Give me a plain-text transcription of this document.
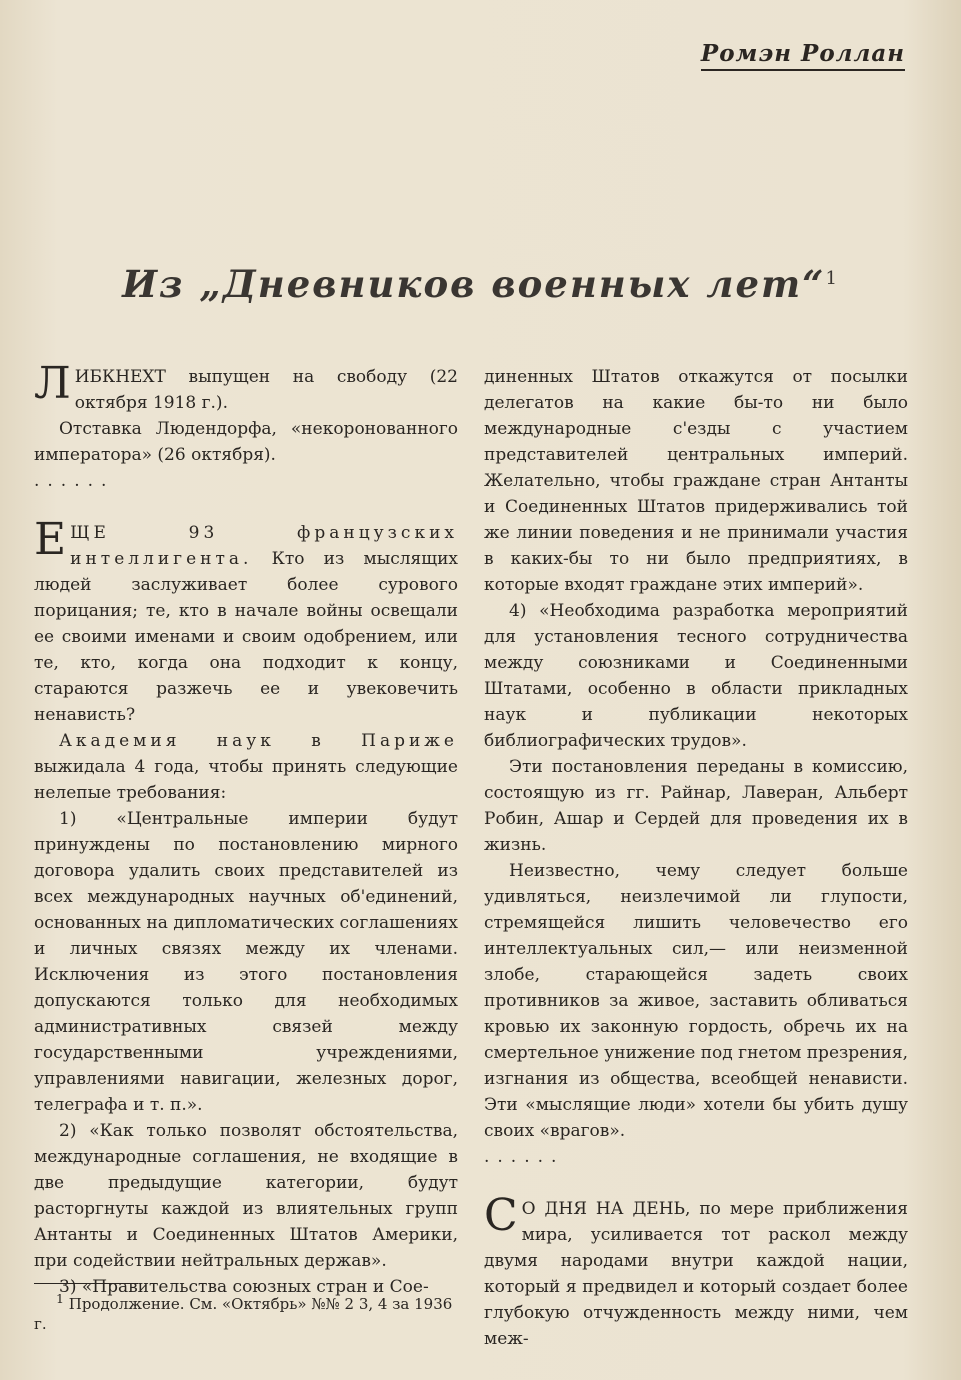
Ромэн Роллан
Из „Дневников военных лет“$^1$

ЛИБКНЕХТ выпущен на свободу (22 октября 1918 г.).

Отставка Людендорфа, «некоронованного императора» (26 октября).

......

ЕЩЕ 93 французских интеллигента. Кто из мыслящих людей заслуживает более сурового порицания; те, кто в начале войны освещали ее своими именами и своим одобрением, или те, кто, когда она подходит к концу, стараются разжечь ее и увековечить ненависть?

Академия наук в Париже выжидала 4 года, чтобы принять следующие нелепые требования:

1) «Центральные империи будут принуждены по постановлению мирного договора удалить своих представителей из всех международных научных об'единений, основанных на дипломатических соглашениях и личных связях между их членами. Исключения из этого постановления допускаются только для необходимых административных связей между государственными учреждениями, управлениями навигации, железных дорог, телеграфа и т. п.».

2) «Как только позволят обстоятельства, международные соглашения, не входящие в две предыдущие категории, будут расторгнуты каждой из влиятельных групп Антанты и Соединенных Штатов Америки, при содействии нейтральных держав».

3) «Правительства союзных стран и Сое-

$^1$ Продолжение. См. «Октябрь» №№ 2 3, 4 за 1936 г.

диненных Штатов откажутся от посылки делегатов на какие бы-то ни было международные с'езды с участием представителей центральных империй. Желательно, чтобы граждане стран Антанты и Соединенных Штатов придерживались той же линии поведения и не принимали участия в каких-бы то ни было предприятиях, в которые входят граждане этих империй».

4) «Необходима разработка мероприятий для установления тесного сотрудничества между союзниками и Соединенными Штатами, особенно в области прикладных наук и публикации некоторых библиографических трудов».

Эти постановления переданы в комиссию, состоящую из гг. Райнар, Лаверан, Альберт Робин, Ашар и Сердей для проведения их в жизнь.

Неизвестно, чему следует больше удивляться, неизлечимой ли глупости, стремящейся лишить человечество его интеллектуальных сил,— или неизменной злобе, старающейся задеть своих противников за живое, заставить обливаться кровью их законную гордость, обречь их на смертельное унижение под гнетом презрения, изгнания из общества, всеобщей ненависти. Эти «мыслящие люди» хотели бы убить душу своих «врагов».

......

С О ДНЯ НА ДЕНЬ, по мере приближения мира, усиливается тот раскол между двумя народами внутри каждой нации, который я предвидел и который создает более глубокую отчужденность между ними, чем меж-
